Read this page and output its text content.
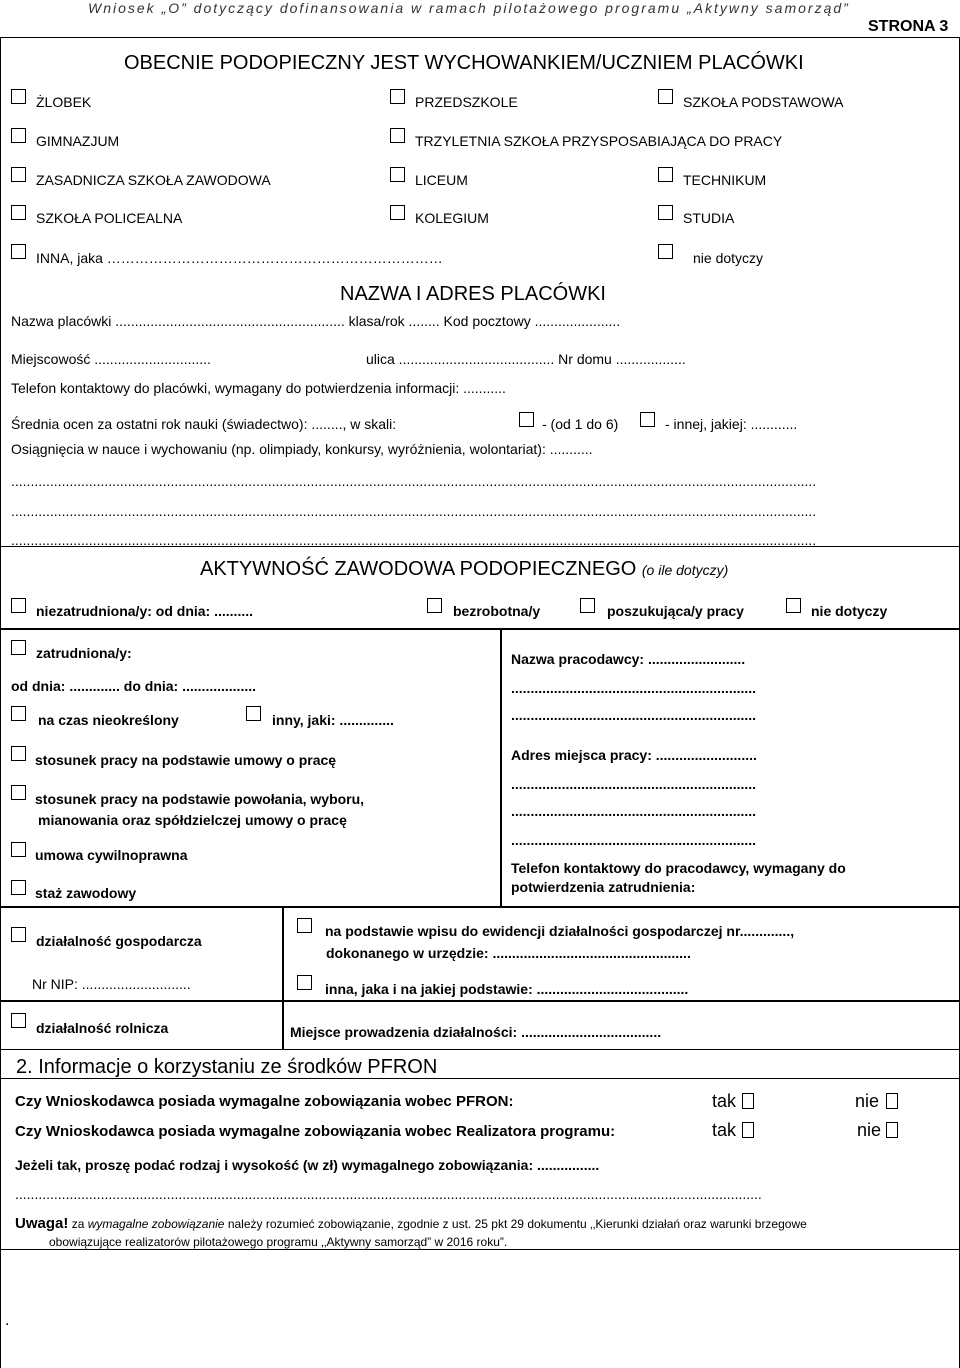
Wniosek „O” dotyczący dofinansowania w ramach pilotażowego programu „Aktywny samorząd”
STRONA 3
OBECNIE PODOPIECZNY JEST WYCHOWANKIEM/UCZNIEM PLACÓWKI
ŻLOBEK	PRZEDSZKOLE	SZKOŁA PODSTAWOWA
GIMNAZJUM	TRZYLETNIA SZKOŁA PRZYSPOSABIAJĄCA DO PRACY
ZASADNICZA SZKOŁA ZAWODOWA	LICEUM	TECHNIKUM
SZKOŁA POLICEALNA	KOLEGIUM	STUDIA
INNA, jaka ………………………………………………………………	nie dotyczy
NAZWA I ADRES PLACÓWKI
Nazwa placówki ........................................................... klasa/rok ........ Kod pocztowy ......................
Miejscowość ..............................	ulica ........................................ Nr domu ..................
Telefon kontaktowy do placówki, wymagany do potwierdzenia informacji: ...........
Średnia ocen za ostatni rok nauki (świadectwo): ........, w skali:	- (od 1 do 6)	- innej, jakiej: ............
Osiągnięcia w nauce i wychowaniu (np. olimpiady, konkursy, wyróżnienia, wolontariat): ...........
...............................................................................................................................................................................................................
...............................................................................................................................................................................................................
...............................................................................................................................................................................................................
AKTYWNOŚĆ ZAWODOWA PODOPIECZNEGO (o ile dotyczy)
niezatrudniona/y: od dnia: ..........	bezrobotna/y	poszukująca/y pracy	nie dotyczy
zatrudniona/y:
od dnia: ............. do dnia: ...................
na czas nieokreślony	inny, jaki: ..............
stosunek pracy na podstawie umowy o pracę
stosunek pracy na podstawie powołania, wyboru,
mianowania oraz spółdzielczej umowy o pracę
umowa cywilnoprawna
staż zawodowy
Nazwa pracodawcy: .........................
...............................................................
...............................................................
Adres miejsca pracy: ..........................
...............................................................
...............................................................
...............................................................
Telefon kontaktowy do pracodawcy, wymagany do
potwierdzenia zatrudnienia:
działalność gospodarcza
Nr NIP: ............................
działalność rolnicza
na podstawie wpisu do ewidencji działalności gospodarczej nr.............,
dokonanego w urzędzie: ...................................................
inna, jaka i na jakiej podstawie: .......................................
Miejsce prowadzenia działalności: ....................................
2. Informacje o korzystaniu ze środków PFRON
Czy Wnioskodawca posiada wymagalne zobowiązania wobec PFRON:	tak	nie
Czy Wnioskodawca posiada wymagalne zobowiązania wobec Realizatora programu:	tak	nie
Jeżeli tak, proszę podać rodzaj i wysokość (w zł) wymagalnego zobowiązania: ................
................................................................................................................................................................................................
Uwaga! za wymagalne zobowiązanie należy rozumieć zobowiązanie, zgodnie z ust. 25 pkt 29 dokumentu ‚‚Kierunki działań oraz warunki brzegowe
obowiązujące realizatorów pilotażowego programu ‚‚Aktywny samorząd” w 2016 roku”.
.
